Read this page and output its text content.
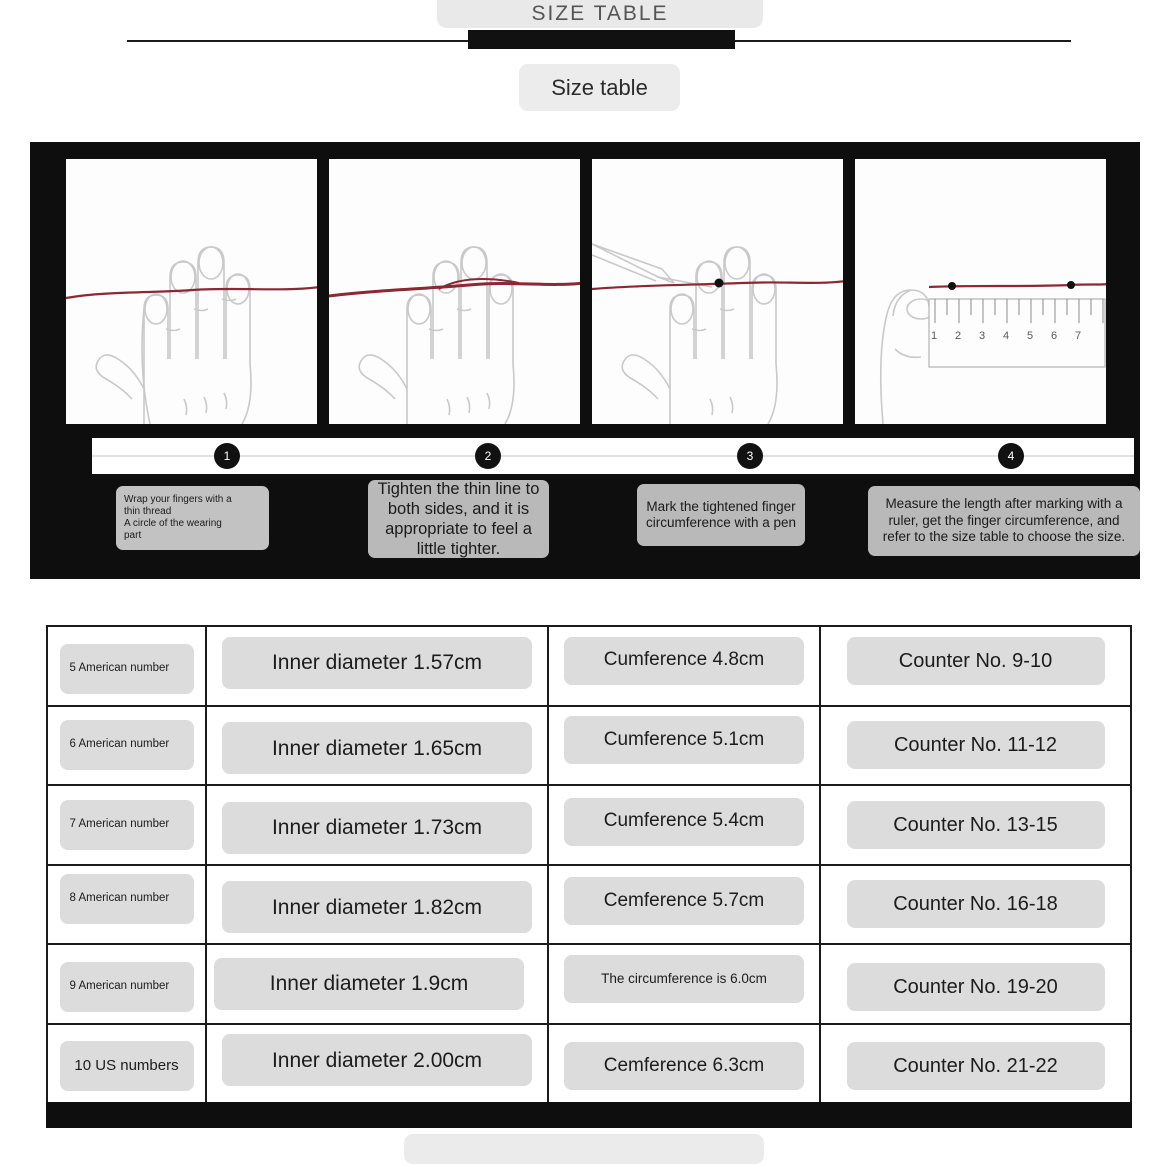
SIZE TABLE
Size table
1 2 3 4 5 6 7
1	2	3	4
Wrap your fingers with a
thin thread
A circle of the wearing
part
Tighten the thin line to both sides, and it is appropriate to feel a little tighter.
Mark the tightened finger circumference with a pen
Measure the length after marking with a ruler, get the finger circumference, and refer to the size table to choose the size.
5 American number	Inner diameter 1.57cm	Cumference 4.8cm	Counter No. 9-10
6 American number	Inner diameter 1.65cm	Cumference 5.1cm	Counter No. 11-12
7 American number	Inner diameter 1.73cm	Cumference 5.4cm	Counter No. 13-15
8 American number	Inner diameter 1.82cm	Cemference 5.7cm	Counter No. 16-18
9 American number	Inner diameter 1.9cm	The circumference is 6.0cm	Counter No. 19-20
10 US numbers	Inner diameter 2.00cm	Cemference 6.3cm	Counter No. 21-22
